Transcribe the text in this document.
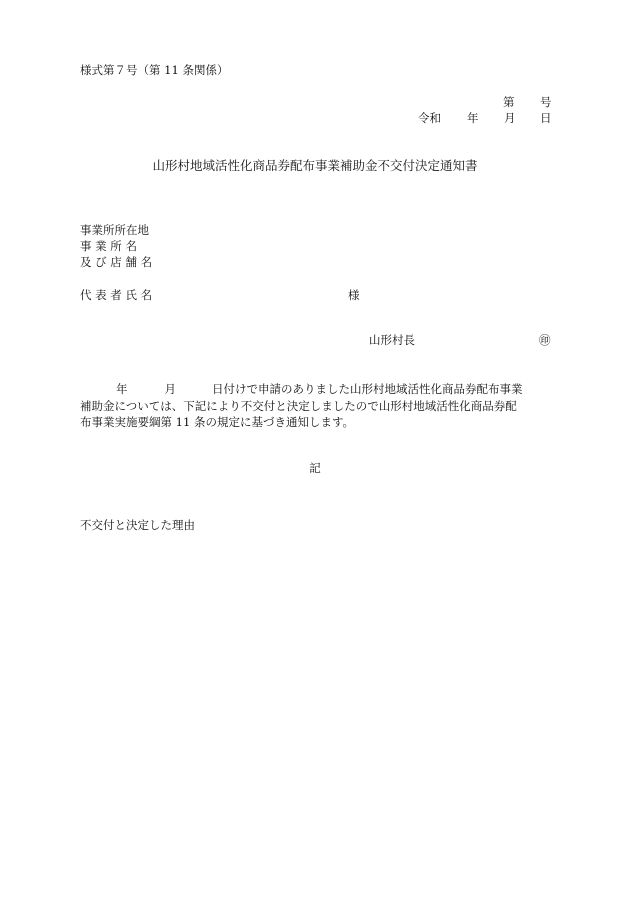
様式第７号（第 11 条関係）
第 号
令和 年 月 日
山形村地域活性化商品券配布事業補助金不交付決定通知書
事業所所在地
事 業 所 名
及 び 店 舗 名
代 表 者 氏 名	様
山形村長	㊞
年	月	日付けで申請のありました山形村地域活性化商品券配布事業
補助金については、下記により不交付と決定しましたので山形村地域活性化商品券配
布事業実施要綱第 11 条の規定に基づき通知します。
記
不交付と決定した理由
